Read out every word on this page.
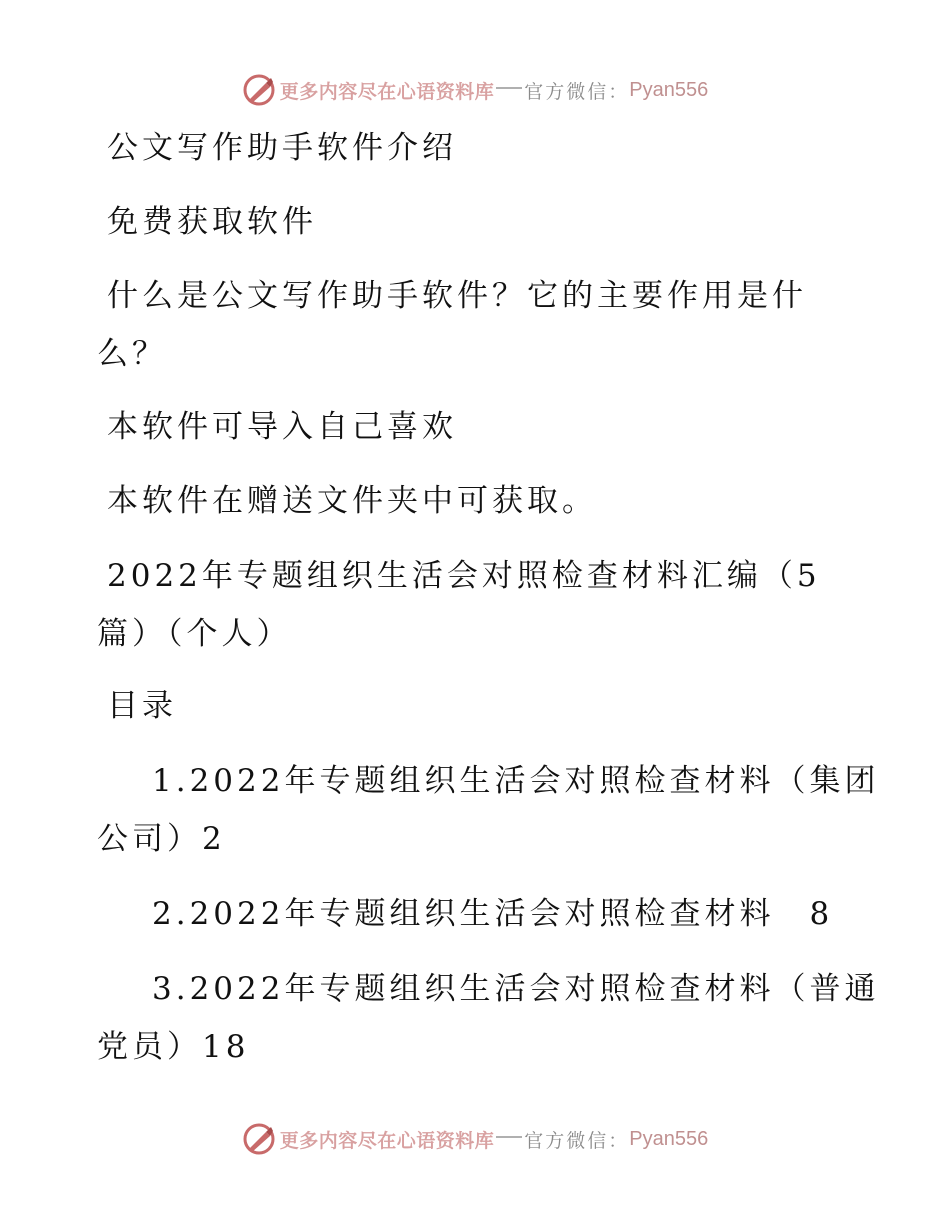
更多内容尽在心语资料库 官方微信： Pyan556
公文写作助手软件介绍
免费获取软件
什么是公文写作助手软件？它的主要作用是什
么？
本软件可导入自己喜欢
本软件在赠送文件夹中可获取。
2022年专题组织生活会对照检查材料汇编（5
篇）（个人）
目录
1.2022年专题组织生活会对照检查材料（集团
公司）2
2.2022年专题组织生活会对照检查材料　8
3.2022年专题组织生活会对照检查材料（普通
党员）18
更多内容尽在心语资料库 官方微信： Pyan556
